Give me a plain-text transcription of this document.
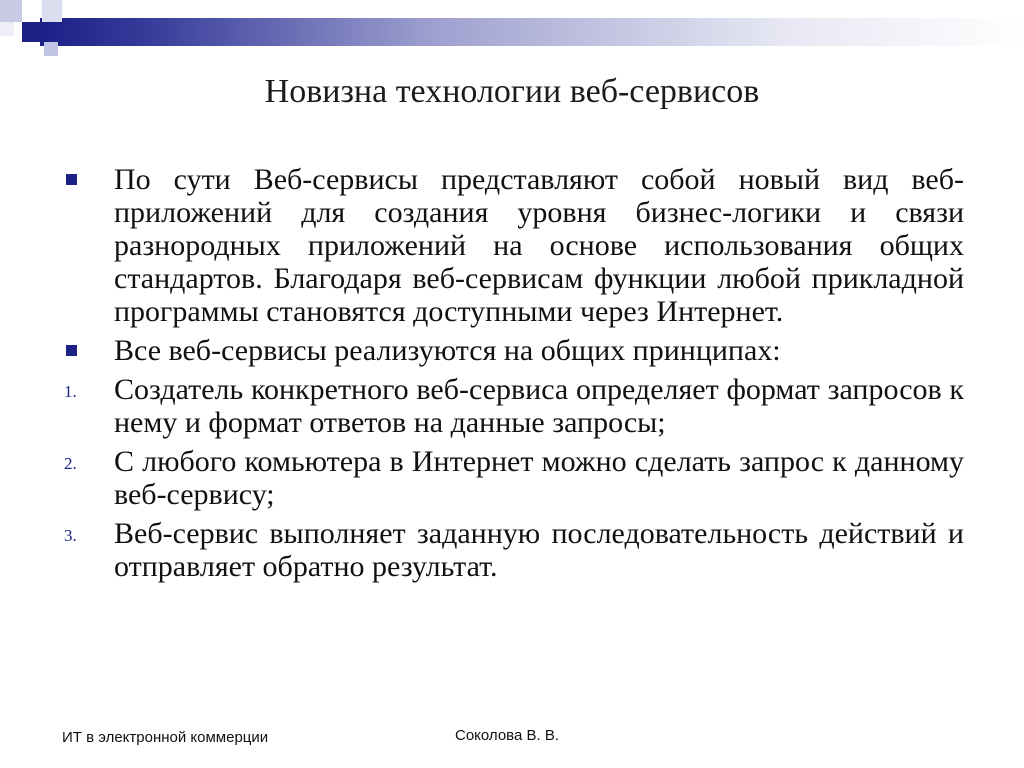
Новизна технологии веб-сервисов
По сути Веб-сервисы представляют собой новый вид веб-приложений для создания уровня бизнес-логики и связи разнородных приложений на основе использования общих стандартов. Благодаря веб-сервисам функции любой прикладной программы становятся доступными через Интернет.
Все веб-сервисы реализуются на общих принципах:
1. Создатель конкретного веб-сервиса определяет формат запросов к нему и формат ответов на данные запросы;
2. С любого комьютера в Интернет можно сделать запрос к данному веб-сервису;
3. Веб-сервис выполняет заданную последовательность действий и отправляет обратно результат.
ИТ в электронной коммерции	Соколова В. В.
